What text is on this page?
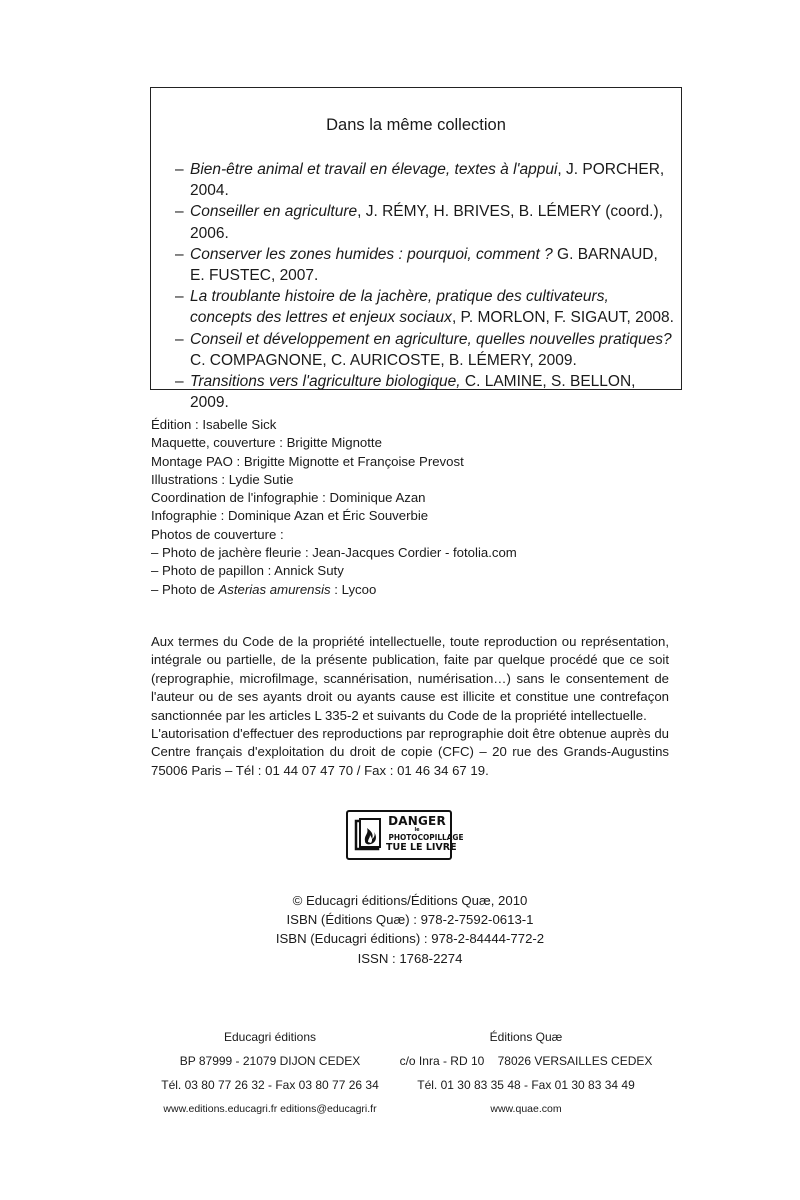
Dans la même collection
– Bien-être animal et travail en élevage, textes à l'appui, J. PORCHER, 2004.
– Conseiller en agriculture, J. RÉMY, H. BRIVES, B. LÉMERY (coord.), 2006.
– Conserver les zones humides : pourquoi, comment ? G. BARNAUD, E. FUSTEC, 2007.
– La troublante histoire de la jachère, pratique des cultivateurs, concepts des lettres et enjeux sociaux, P. MORLON, F. SIGAUT, 2008.
– Conseil et développement en agriculture, quelles nouvelles pratiques? C. COMPAGNONE, C. AURICOSTE, B. LÉMERY, 2009.
– Transitions vers l'agriculture biologique, C. LAMINE, S. BELLON, 2009.
Édition : Isabelle Sick
Maquette, couverture : Brigitte Mignotte
Montage PAO : Brigitte Mignotte et Françoise Prevost
Illustrations : Lydie Sutie
Coordination de l'infographie : Dominique Azan
Infographie : Dominique Azan et Éric Souverbie
Photos de couverture :
– Photo de jachère fleurie : Jean-Jacques Cordier - fotolia.com
– Photo de papillon : Annick Suty
– Photo de Asterias amurensis : Lycoo

Aux termes du Code de la propriété intellectuelle, toute reproduction ou représentation, intégrale ou partielle, de la présente publication, faite par quelque procédé que ce soit (reprographie, microfilmage, scannérisation, numérisation…) sans le consentement de l'auteur ou de ses ayants droit ou ayants cause est illicite et constitue une contrefaçon sanctionnée par les articles L 335-2 et suivants du Code de la propriété intellectuelle.

L'autorisation d'effectuer des reproductions par reprographie doit être obtenue auprès du Centre français d'exploitation du droit de copie (CFC) – 20 rue des Grands-Augustins 75006 Paris – Tél : 01 44 07 47 70 / Fax : 01 46 34 67 19.

DANGER
le
PHOTOCOPILLAGE
TUE LE LIVRE
© Educagri éditions/Éditions Quæ, 2010
ISBN (Éditions Quæ) : 978-2-7592-0613-1
ISBN (Educagri éditions) : 978-2-84444-772-2
ISSN : 1768-2274
Educagri éditions
BP 87999 - 21079 DIJON CEDEX
Tél. 03 80 77 26 32 - Fax 03 80 77 26 34
www.editions.educagri.fr editions@educagri.fr
Éditions Quæ
c/o Inra - RD 10    78026 VERSAILLES CEDEX
Tél. 01 30 83 35 48 - Fax 01 30 83 34 49
www.quae.com
